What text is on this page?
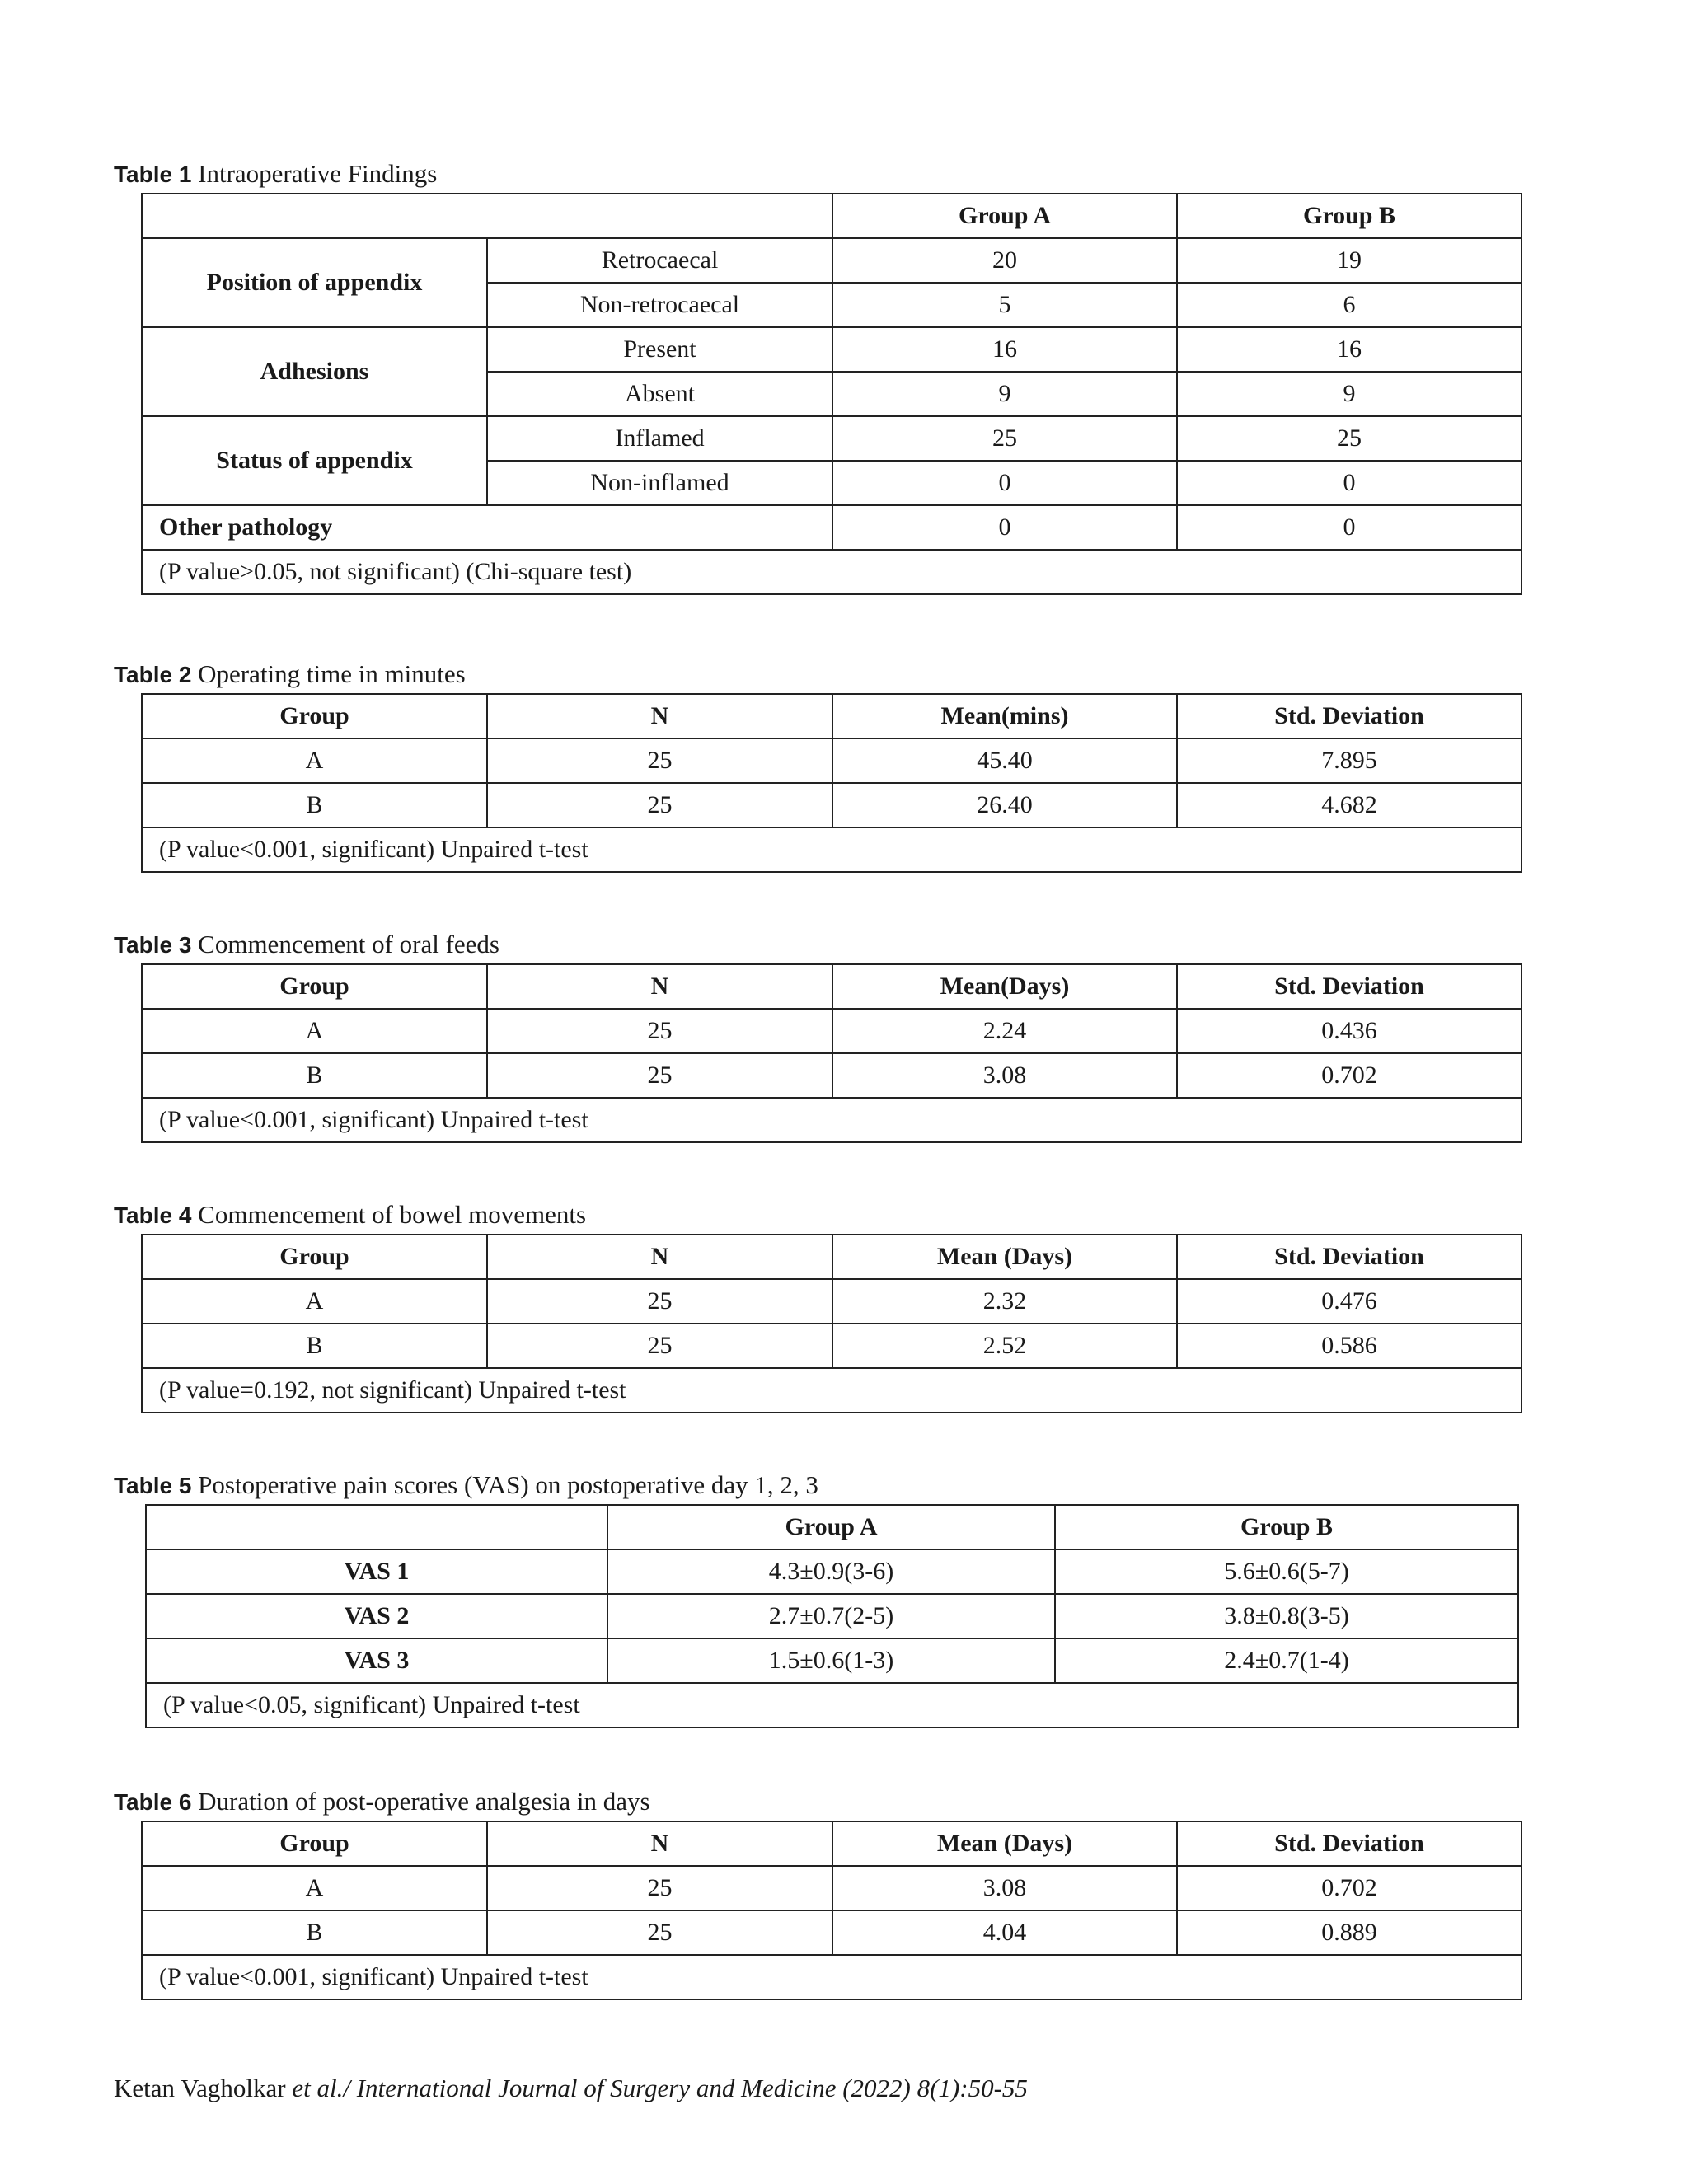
Table 1 Intraoperative Findings
		Group A	Group B
Position of appendix	Retrocaecal	20	19
	Non-retrocaecal	5	6
Adhesions	Present	16	16
	Absent	9	9
Status of appendix	Inflamed	25	25
	Non-inflamed	0	0
Other pathology		0	0
(P value>0.05, not significant) (Chi-square test)			
Table 2 Operating time in minutes
Group	N	Mean(mins)	Std. Deviation
A	25	45.40	7.895
B	25	26.40	4.682
(P value<0.001, significant) Unpaired t-test			
Table 3 Commencement of oral feeds
Group	N	Mean(Days)	Std. Deviation
A	25	2.24	0.436
B	25	3.08	0.702
(P value<0.001, significant) Unpaired t-test			
Table 4 Commencement of bowel movements
Group	N	Mean (Days)	Std. Deviation
A	25	2.32	0.476
B	25	2.52	0.586
(P value=0.192, not significant) Unpaired t-test			
Table 5 Postoperative pain scores (VAS) on postoperative day 1, 2, 3
	Group A	Group B
VAS 1	4.3±0.9(3-6)	5.6±0.6(5-7)
VAS 2	2.7±0.7(2-5)	3.8±0.8(3-5)
VAS 3	1.5±0.6(1-3)	2.4±0.7(1-4)
(P value<0.05, significant) Unpaired t-test		
Table 6 Duration of post-operative analgesia in days
Group	N	Mean (Days)	Std. Deviation
A	25	3.08	0.702
B	25	4.04	0.889
(P value<0.001, significant) Unpaired t-test			
Ketan Vagholkar et al./ International Journal of Surgery and Medicine (2022) 8(1):50-55
